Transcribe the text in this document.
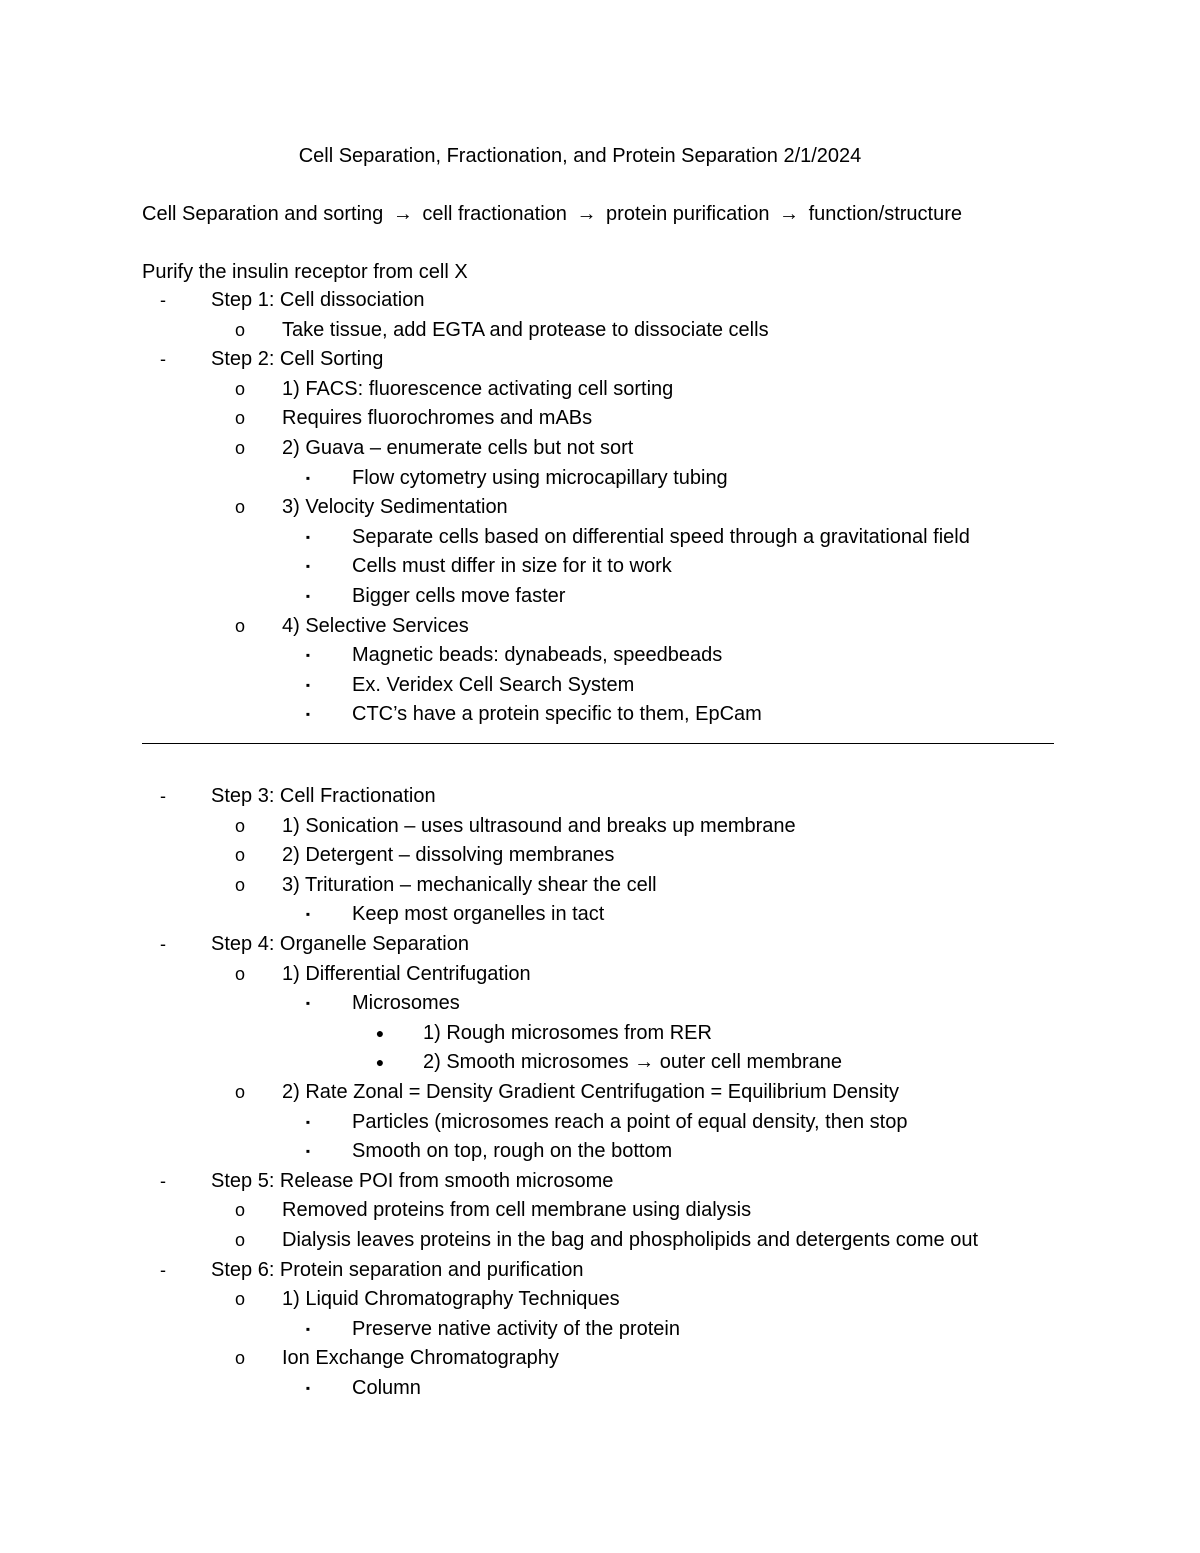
Cell Separation, Fractionation, and Protein Separation 2/1/2024
Cell Separation and sorting → cell fractionation → protein purification → function/structure
Purify the insulin receptor from cell X
-	Step 1: Cell dissociation
o	Take tissue, add EGTA and protease to dissociate cells
-	Step 2: Cell Sorting
o	1) FACS: fluorescence activating cell sorting
o	Requires fluorochromes and mABs
o	2) Guava – enumerate cells but not sort
▪	Flow cytometry using microcapillary tubing
o	3) Velocity Sedimentation
▪	Separate cells based on differential speed through a gravitational field
▪	Cells must differ in size for it to work
▪	Bigger cells move faster
o	4) Selective Services
▪	Magnetic beads: dynabeads, speedbeads
▪	Ex. Veridex Cell Search System
▪	CTC’s have a protein specific to them, EpCam
-	Step 3: Cell Fractionation
o	1) Sonication – uses ultrasound and breaks up membrane
o	2) Detergent – dissolving membranes
o	3) Trituration – mechanically shear the cell
▪	Keep most organelles in tact
-	Step 4: Organelle Separation
o	1) Differential Centrifugation
▪	Microsomes
●	1) Rough microsomes from RER
●	2) Smooth microsomes → outer cell membrane
o	2) Rate Zonal = Density Gradient Centrifugation = Equilibrium Density
▪	Particles (microsomes reach a point of equal density, then stop
▪	Smooth on top, rough on the bottom
-	Step 5: Release POI from smooth microsome
o	Removed proteins from cell membrane using dialysis
o	Dialysis leaves proteins in the bag and phospholipids and detergents come out
-	Step 6: Protein separation and purification
o	1) Liquid Chromatography Techniques
▪	Preserve native activity of the protein
o	Ion Exchange Chromatography
▪	Column
